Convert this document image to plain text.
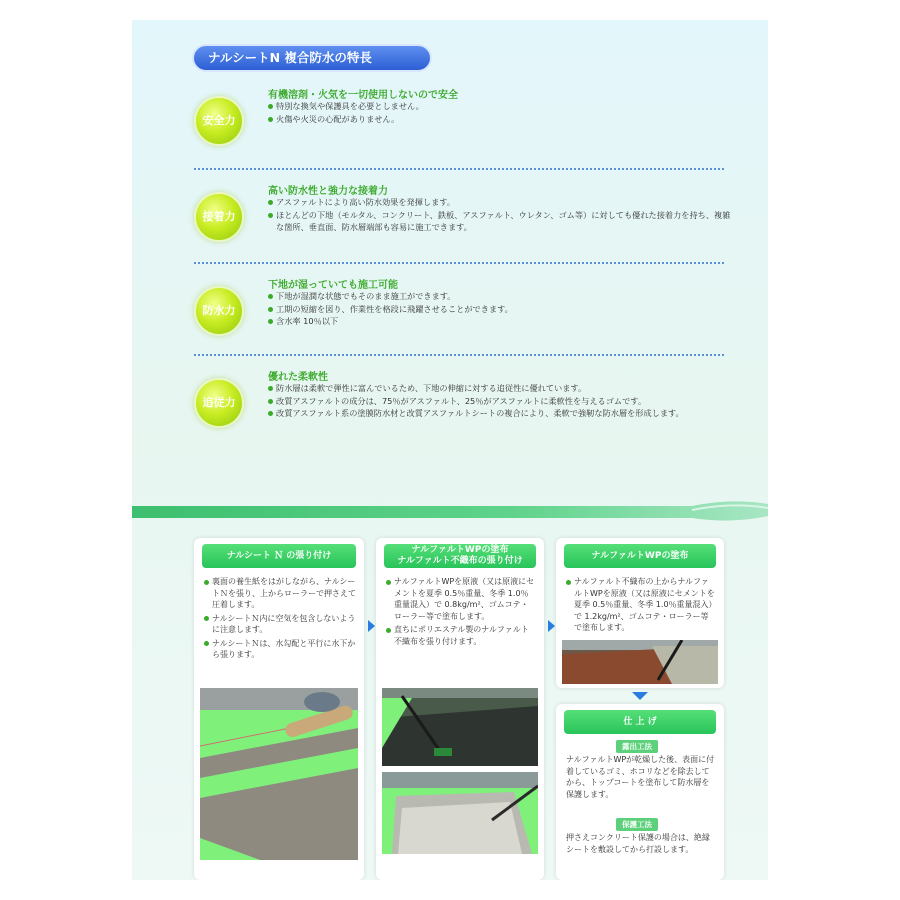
ナルシートN 複合防水の特長
安全力
有機溶剤・火気を一切使用しないので安全
特別な換気や保護具を必要としません。
火傷や火災の心配がありません。
接着力
高い防水性と強力な接着力
アスファルトにより高い防水効果を発揮します。
ほとんどの下地（モルタル、コンクリート、鉄板、アスファルト、ウレタン、ゴム等）に対しても優れた接着力を持ち、複雑な箇所、垂直面、防水層端部も容易に施工できます。
防水力
下地が湿っていても施工可能
下地が湿潤な状態でもそのまま施工ができます。
工期の短縮を図り、作業性を格段に飛躍させることができます。
含水率 10％以下
追従力
優れた柔軟性
防水層は柔軟で弾性に富んでいるため、下地の伸縮に対する追従性に優れています。
改質アスファルトの成分は、75％がアスファルト、25％がアスファルトに柔軟性を与えるゴムです。
改質アスファルト系の塗膜防水材と改質アスファルトシートの複合により、柔軟で強靭な防水層を形成します。
ナルシート Ｎ の張り付け
裏面の養生紙をはがしながら、ナルシートＮを張り、上からローラーで押さえて圧着します。
ナルシートＮ内に空気を包含しないように注意します。
ナルシートＮは、水勾配と平行に水下から張ります。
ナルファルトWPの塗布
ナルファルト不織布の張り付け
ナルファルトWPを原液（又は原液にセメントを夏季 0.5％重量、冬季 1.0％重量混入）で 0.8kg/m²、ゴムコテ・ローラー等で塗布します。
直ちにポリエステル製のナルファルト不織布を張り付けます。
ナルファルトWPの塗布
ナルファルト不織布の上からナルファルトWPを原液（又は原液にセメントを夏季 0.5％重量、冬季 1.0％重量混入）で 1.2kg/m²、ゴムコテ・ローラー等で塗布します。
仕 上 げ
露出工法
ナルファルトWPが乾燥した後、表面に付着しているゴミ、ホコリなどを除去してから、トップコートを塗布して防水層を保護します。
保護工法
押さえコンクリート保護の場合は、絶縁シートを敷設してから打設します。
